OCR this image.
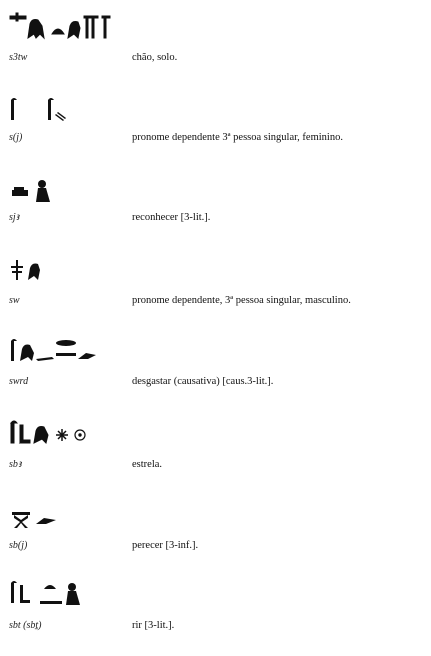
s3tw	chão, solo.
s(j)	pronome dependente 3ª pessoa singular, feminino.
sjꜣ	reconhecer [3-lit.].
sw	pronome dependente, 3ª pessoa singular, masculino.
swrd	desgastar (causativa) [caus.3-lit.].
sbꜣ	estrela.
sb(j)	perecer [3-inf.].
sbt (sbṯ)	rir [3-lit.].
